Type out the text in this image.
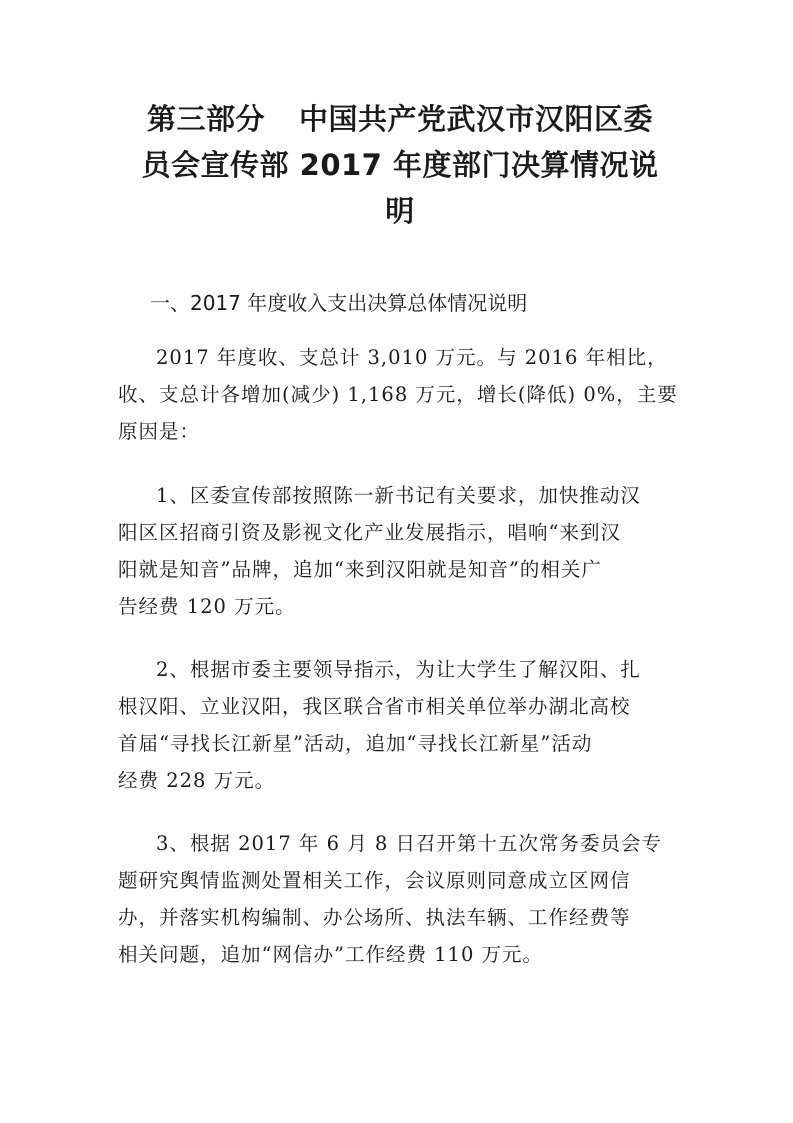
第三部分 中国共产党武汉市汉阳区委
员会宣传部 2017 年度部门决算情况说
明
一、2017 年度收入支出决算总体情况说明

2017 年度收、支总计 3,010 万元。与 2016 年相比，
收、支总计各增加(减少) 1,168 万元，增长(降低) 0%，主要
原因是：

1、区委宣传部按照陈一新书记有关要求，加快推动汉
阳区区招商引资及影视文化产业发展指示，唱响“来到汉
阳就是知音”品牌，追加“来到汉阳就是知音”的相关广
告经费 120 万元。

2、根据市委主要领导指示，为让大学生了解汉阳、扎
根汉阳、立业汉阳，我区联合省市相关单位举办湖北高校
首届“寻找长江新星”活动，追加“寻找长江新星”活动
经费 228 万元。

3、根据 2017 年 6 月 8 日召开第十五次常务委员会专
题研究舆情监测处置相关工作，会议原则同意成立区网信
办，并落实机构编制、办公场所、执法车辆、工作经费等
相关问题，追加“网信办”工作经费 110 万元。
